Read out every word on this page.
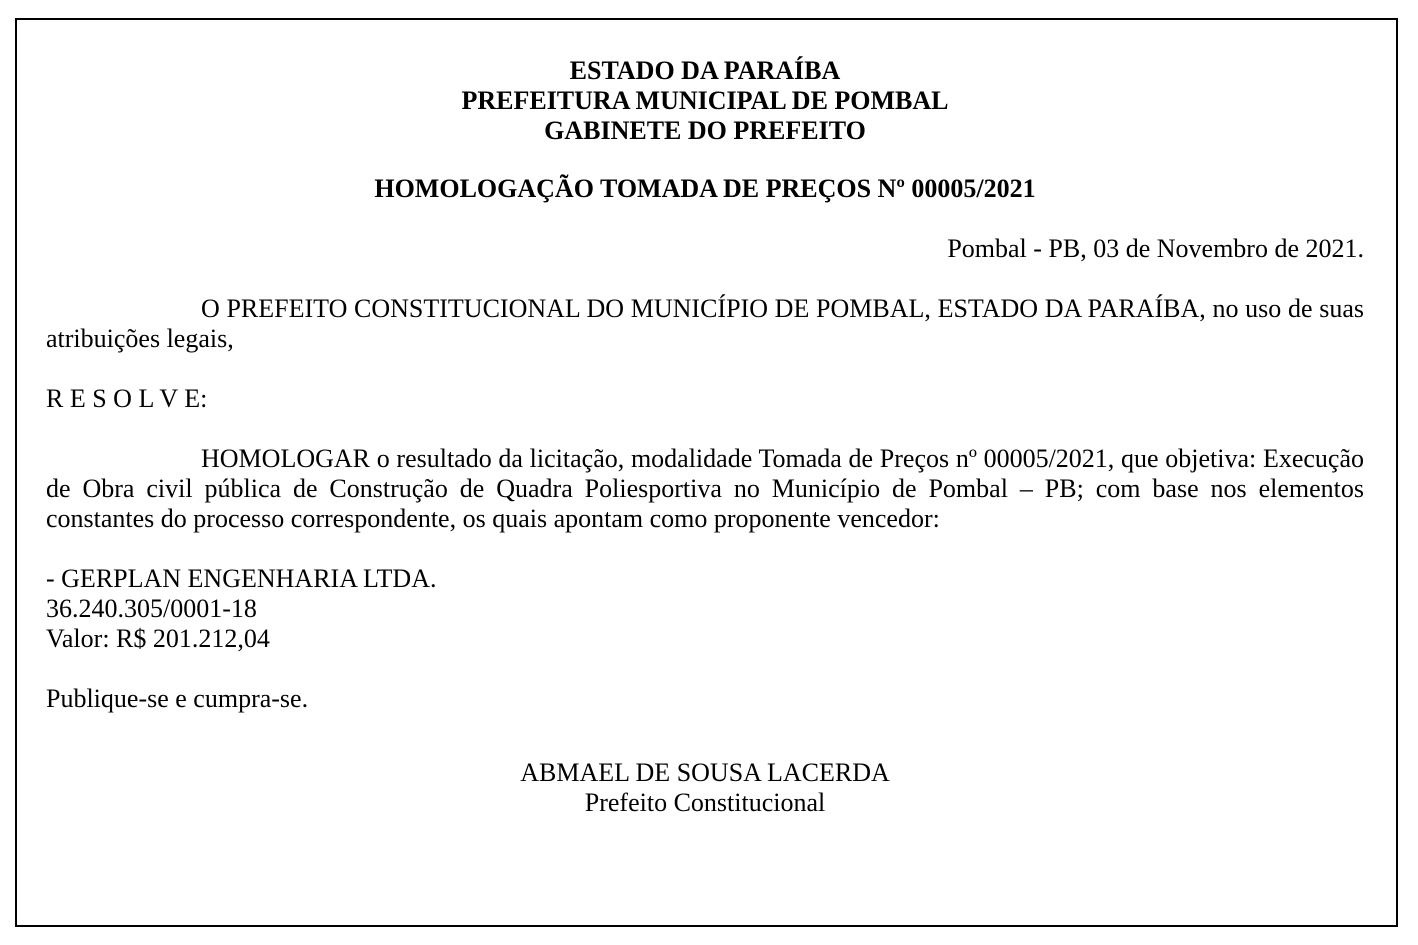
ESTADO DA PARAÍBA
PREFEITURA MUNICIPAL DE POMBAL
GABINETE DO PREFEITO
HOMOLOGAÇÃO TOMADA DE PREÇOS Nº 00005/2021
Pombal - PB, 03 de Novembro de 2021.
O PREFEITO CONSTITUCIONAL DO MUNICÍPIO DE POMBAL, ESTADO DA PARAÍBA, no uso de suas atribuições legais,
R E S O L V E:
HOMOLOGAR o resultado da licitação, modalidade Tomada de Preços nº 00005/2021, que objetiva: Execução de Obra civil pública de Construção de Quadra Poliesportiva no Município de Pombal – PB; com base nos elementos constantes do processo correspondente, os quais apontam como proponente vencedor:
- GERPLAN ENGENHARIA LTDA.
36.240.305/0001-18
Valor: R$ 201.212,04
Publique-se e cumpra-se.
ABMAEL DE SOUSA LACERDA
Prefeito Constitucional
